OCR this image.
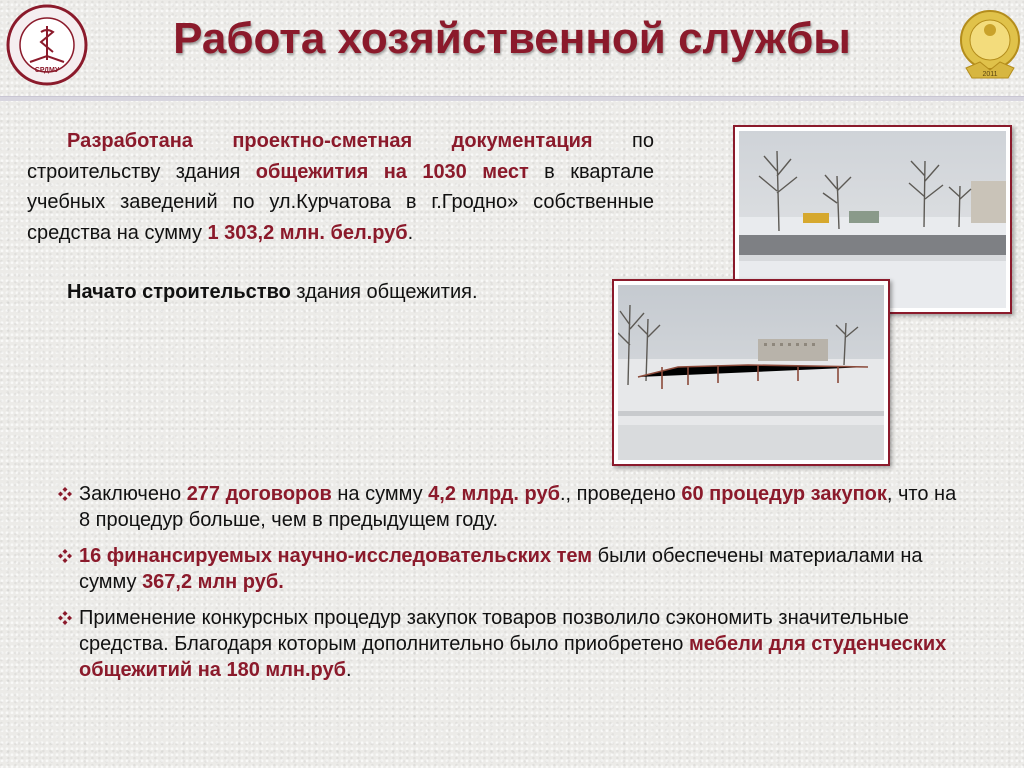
СРДМУ
Работа хозяйственной службы
2011
Разработана проектно-сметная документация по строительству здания общежития на 1030 мест в квартале учебных заведений по ул.Курчатова в г.Гродно» собственные средства на сумму 1 303,2 млн. бел.руб.
Начато строительство здания общежития.
Заключено 277 договоров на сумму 4,2 млрд. руб., проведено 60 процедур закупок, что на 8 процедур больше, чем в предыдущем году.
16 финансируемых научно-исследовательских тем были обеспечены материалами на сумму 367,2 млн руб.
Применение конкурсных процедур закупок товаров позволило сэкономить значительные средства. Благодаря которым дополнительно было приобретено мебели для студенческих общежитий на 180 млн.руб.
